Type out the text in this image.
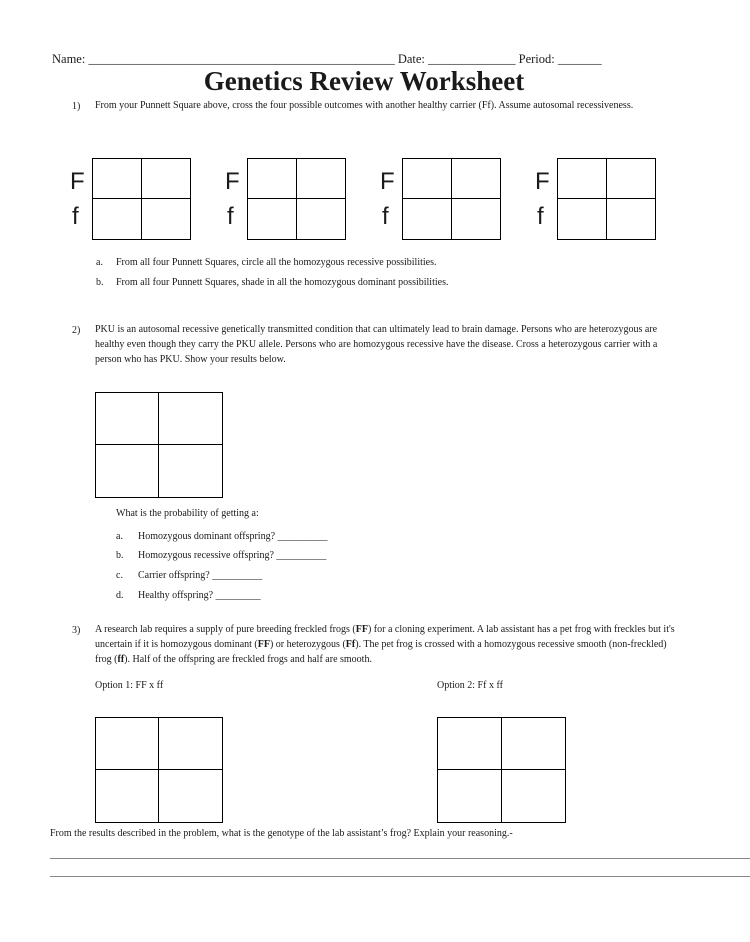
Name: _________________________________________________ Date: ______________ Period: _______
Genetics Review Worksheet
1) From your Punnett Square above, cross the four possible outcomes with another healthy carrier (Ff). Assume autosomal recessiveness.
F
f
F
f
F
f
F
f
a. From all four Punnett Squares, circle all the homozygous recessive possibilities.
b. From all four Punnett Squares, shade in all the homozygous dominant possibilities.
2) PKU is an autosomal recessive genetically transmitted condition that can ultimately lead to brain damage. Persons who are heterozygous are healthy even though they carry the PKU allele. Persons who are homozygous recessive have the disease. Cross a heterozygous carrier with a person who has PKU. Show your results below.
What is the probability of getting a:
a. Homozygous dominant offspring? __________
b. Homozygous recessive offspring? __________
c. Carrier offspring? __________
d. Healthy offspring? _________
3) A research lab requires a supply of pure breeding freckled frogs (FF) for a cloning experiment. A lab assistant has a pet frog with freckles but it's uncertain if it is homozygous dominant (FF) or heterozygous (Ff). The pet frog is crossed with a homozygous recessive smooth (non-freckled) frog (ff). Half of the offspring are freckled frogs and half are smooth.
Option 1: FF x ff	Option 2: Ff x ff
From the results described in the problem, what is the genotype of the lab assistant’s frog? Explain your reasoning.-
____________________________________________________________________________________________________________________________________________
____________________________________________________________________________________________________________________________________________
